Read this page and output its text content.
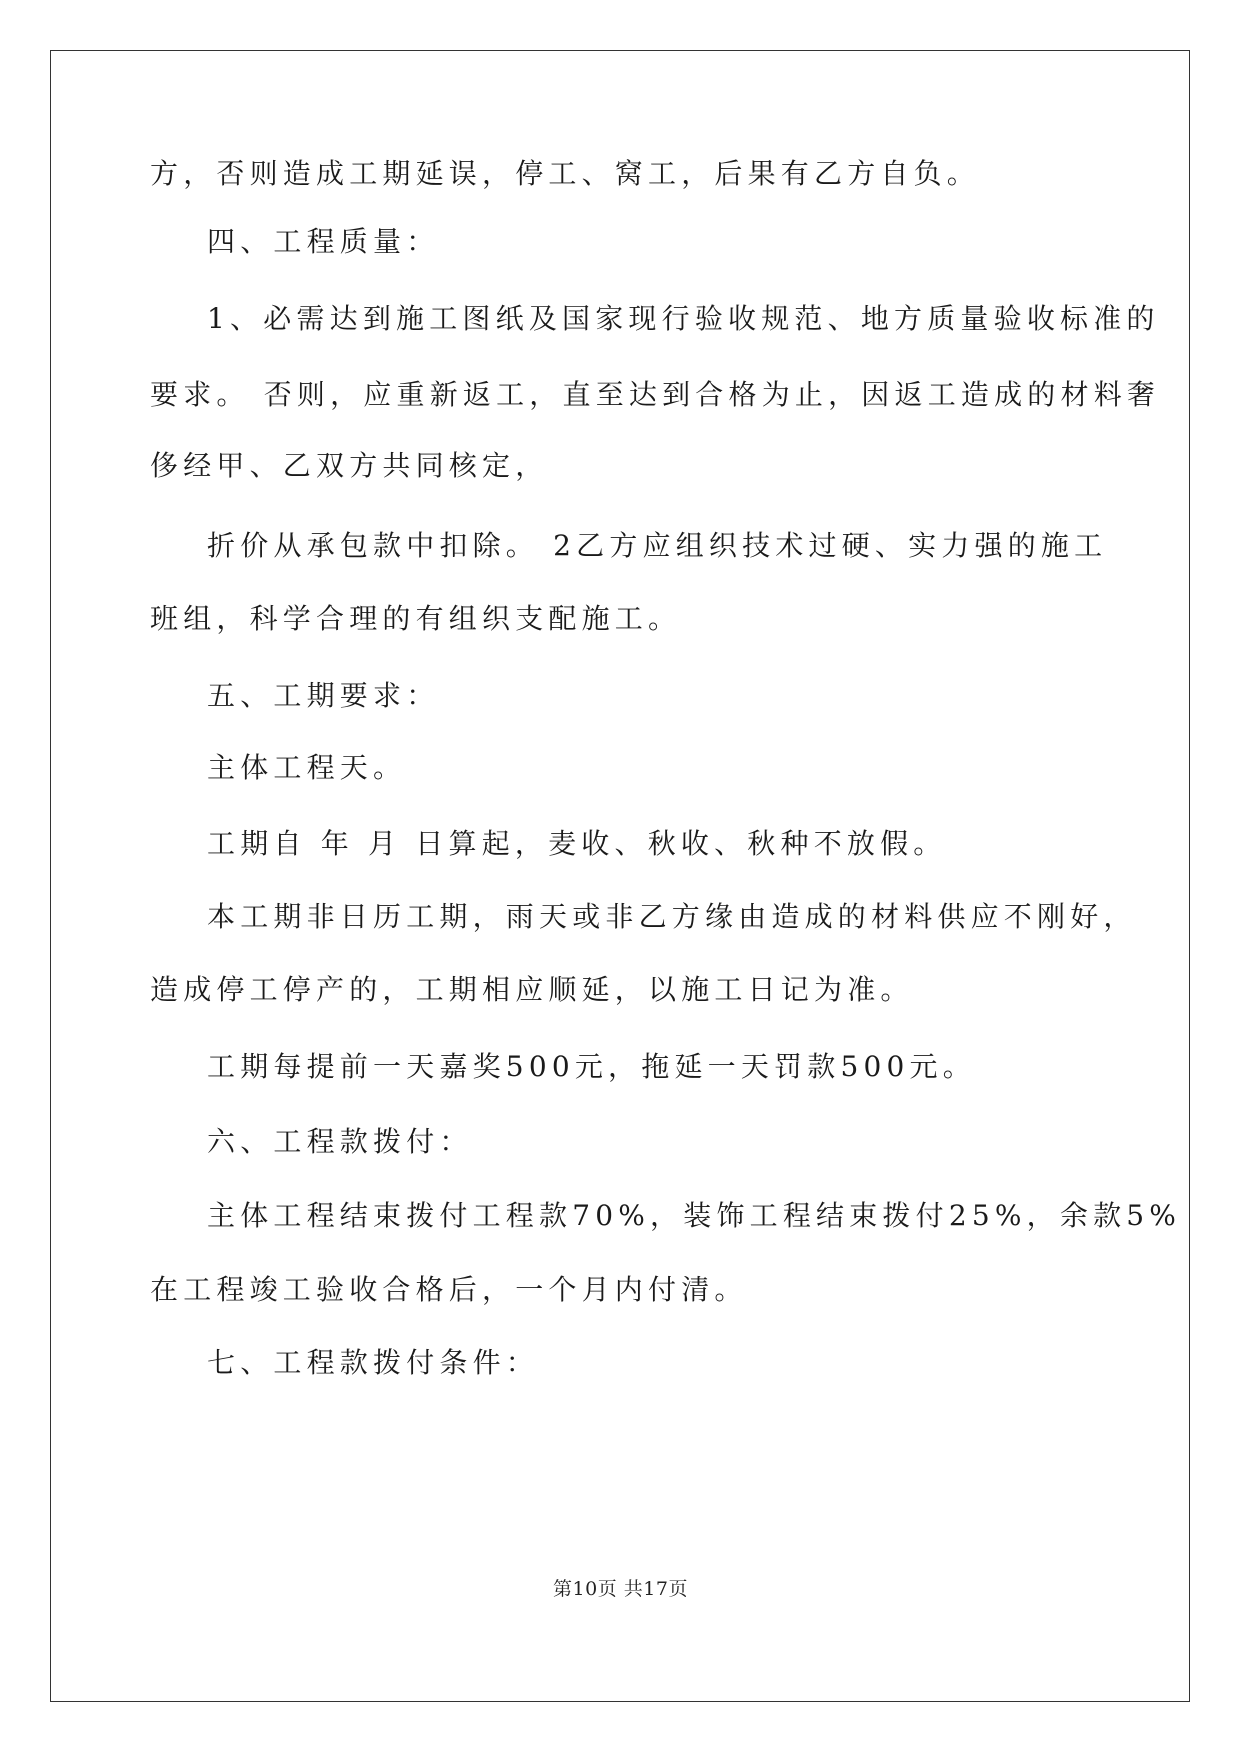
方，否则造成工期延误，停工、窝工，后果有乙方自负。
四、工程质量：
1、必需达到施工图纸及国家现行验收规范、地方质量验收标准的
要求。 否则，应重新返工，直至达到合格为止，因返工造成的材料奢
侈经甲、乙双方共同核定，
折价从承包款中扣除。 2乙方应组织技术过硬、实力强的施工
班组，科学合理的有组织支配施工。
五、工期要求：
主体工程天。
工期自 年 月 日算起，麦收、秋收、秋种不放假。
本工期非日历工期，雨天或非乙方缘由造成的材料供应不刚好，
造成停工停产的，工期相应顺延，以施工日记为准。
工期每提前一天嘉奖500元，拖延一天罚款500元。
六、工程款拨付：
主体工程结束拨付工程款70%，装饰工程结束拨付25%，余款5%
在工程竣工验收合格后，一个月内付清。
七、工程款拨付条件：
第10页 共17页
